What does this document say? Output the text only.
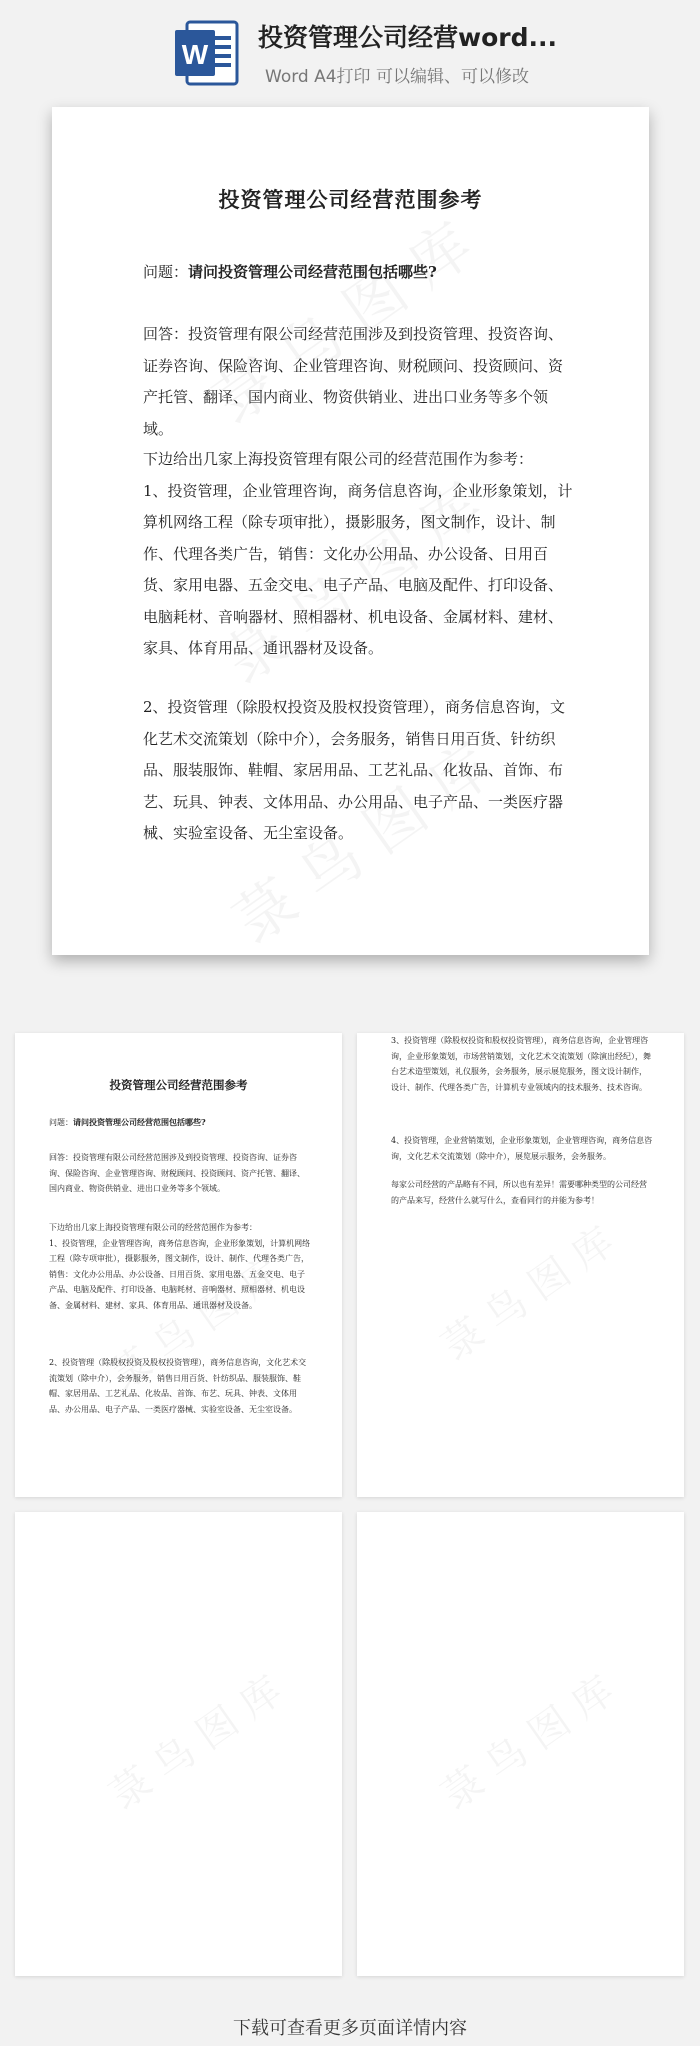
W
投资管理公司经营word...
Word A4打印 可以编辑、可以修改
投资管理公司经营范围参考
问题：请问投资管理公司经营范围包括哪些?

回答：投资管理有限公司经营范围涉及到投资管理、投资咨询、证券咨询、保险咨询、企业管理咨询、财税顾问、投资顾问、资产托管、翻译、国内商业、物资供销业、进出口业务等多个领域。

下边给出几家上海投资管理有限公司的经营范围作为参考：
1、投资管理，企业管理咨询，商务信息咨询，企业形象策划，计算机网络工程（除专项审批），摄影服务，图文制作，设计、制作、代理各类广告，销售：文化办公用品、办公设备、日用百货、家用电器、五金交电、电子产品、电脑及配件、打印设备、电脑耗材、音响器材、照相器材、机电设备、金属材料、建材、家具、体育用品、通讯器材及设备。

2、投资管理（除股权投资及股权投资管理），商务信息咨询，文化艺术交流策划（除中介），会务服务，销售日用百货、针纺织品、服装服饰、鞋帽、家居用品、工艺礼品、化妆品、首饰、布艺、玩具、钟表、文体用品、办公用品、电子产品、一类医疗器械、实验室设备、无尘室设备。

投资管理公司经营范围参考
问题：请问投资管理公司经营范围包括哪些?

回答：投资管理有限公司经营范围涉及到投资管理、投资咨询、证券咨询、保险咨询、企业管理咨询、财税顾问、投资顾问、资产托管、翻译、国内商业、物资供销业、进出口业务等多个领域。

下边给出几家上海投资管理有限公司的经营范围作为参考：
1、投资管理，企业管理咨询，商务信息咨询，企业形象策划，计算机网络工程（除专项审批），摄影服务，图文制作，设计、制作、代理各类广告，销售：文化办公用品、办公设备、日用百货、家用电器、五金交电、电子产品、电脑及配件、打印设备、电脑耗材、音响器材、照相器材、机电设备、金属材料、建材、家具、体育用品、通讯器材及设备。

2、投资管理（除股权投资及股权投资管理），商务信息咨询，文化艺术交流策划（除中介），会务服务，销售日用百货、针纺织品、服装服饰、鞋帽、家居用品、工艺礼品、化妆品、首饰、布艺、玩具、钟表、文体用品、办公用品、电子产品、一类医疗器械、实验室设备、无尘室设备。

3、投资管理（除股权投资和股权投资管理），商务信息咨询，企业管理咨询，企业形象策划，市场营销策划，文化艺术交流策划（除演出经纪），舞台艺术造型策划，礼仪服务，会务服务，展示展览服务，图文设计制作，设计、制作、代理各类广告，计算机专业领域内的技术服务、技术咨询。

4、投资管理，企业营销策划，企业形象策划，企业管理咨询，商务信息咨询，文化艺术交流策划（除中介），展览展示服务，会务服务。

每家公司经营的产品略有不同，所以也有差异！需要哪种类型的公司经营的产品来写，经营什么就写什么，查看同行的并能为参考！

下载可查看更多页面详情内容
